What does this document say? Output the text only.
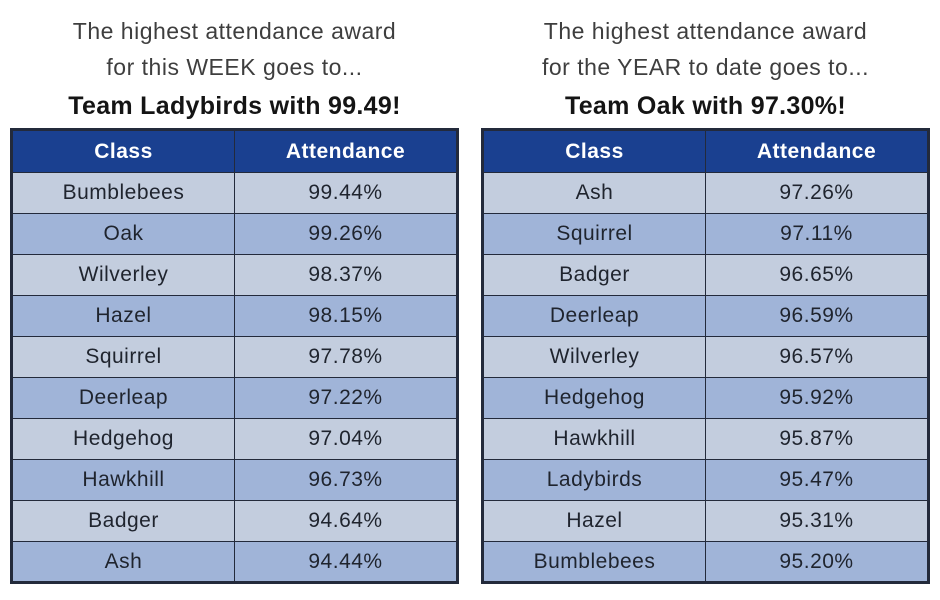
The highest attendance award
for this WEEK goes to...
Team Ladybirds with 99.49!
Class	Attendance
Bumblebees	99.44%
Oak	99.26%
Wilverley	98.37%
Hazel	98.15%
Squirrel	97.78%
Deerleap	97.22%
Hedgehog	97.04%
Hawkhill	96.73%
Badger	94.64%
Ash	94.44%
The highest attendance award
for the YEAR to date goes to...
Team Oak with 97.30%!
Class	Attendance
Ash	97.26%
Squirrel	97.11%
Badger	96.65%
Deerleap	96.59%
Wilverley	96.57%
Hedgehog	95.92%
Hawkhill	95.87%
Ladybirds	95.47%
Hazel	95.31%
Bumblebees	95.20%
